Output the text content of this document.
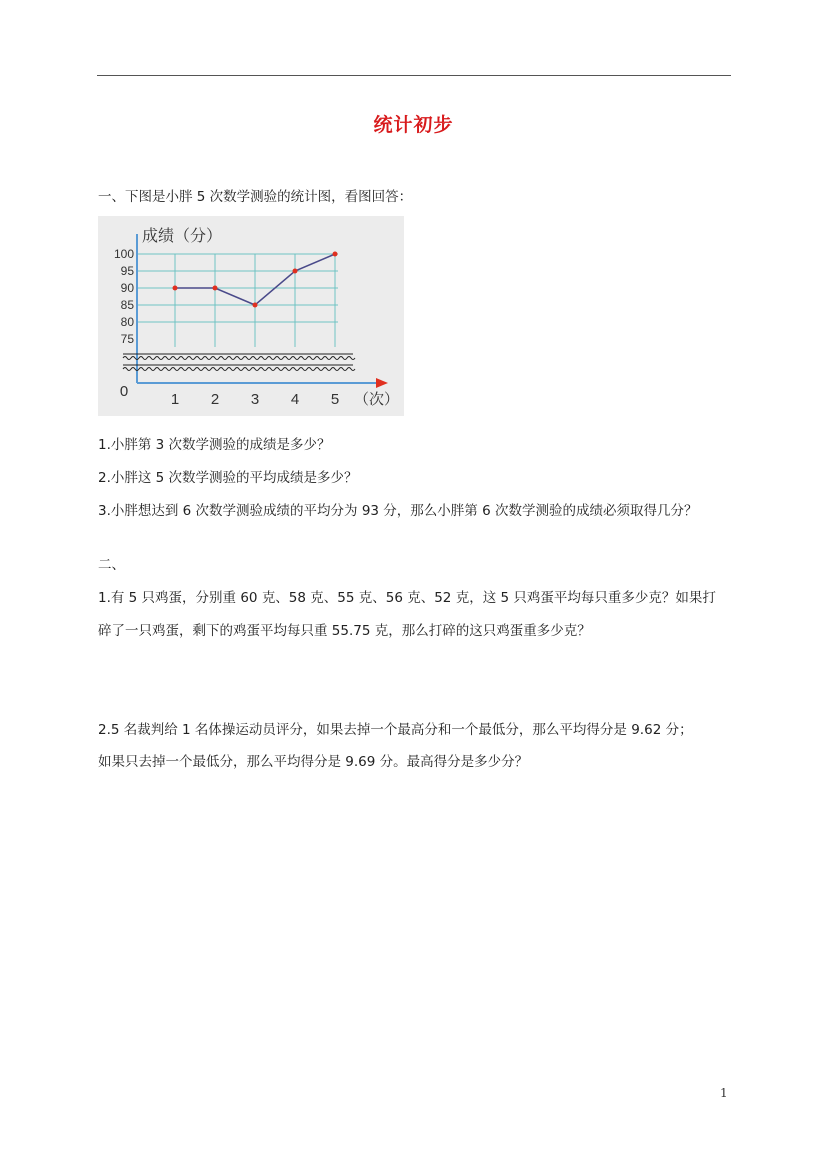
统计初步
一、下图是小胖 5 次数学测验的统计图，看图回答：
75
80
85
90
95
100
1 2 3 4 5
0	（次）
成绩（分）
1.小胖第 3 次数学测验的成绩是多少？
2.小胖这 5 次数学测验的平均成绩是多少？
3.小胖想达到 6 次数学测验成绩的平均分为 93 分，那么小胖第 6 次数学测验的成绩必须取得几分？
二、
1.有 5 只鸡蛋，分别重 60 克、58 克、55 克、56 克、52 克，这 5 只鸡蛋平均每只重多少克？如果打
碎了一只鸡蛋，剩下的鸡蛋平均每只重 55.75 克，那么打碎的这只鸡蛋重多少克？
2.5 名裁判给 1 名体操运动员评分，如果去掉一个最高分和一个最低分，那么平均得分是 9.62 分；
如果只去掉一个最低分，那么平均得分是 9.69 分。最高得分是多少分？
1
